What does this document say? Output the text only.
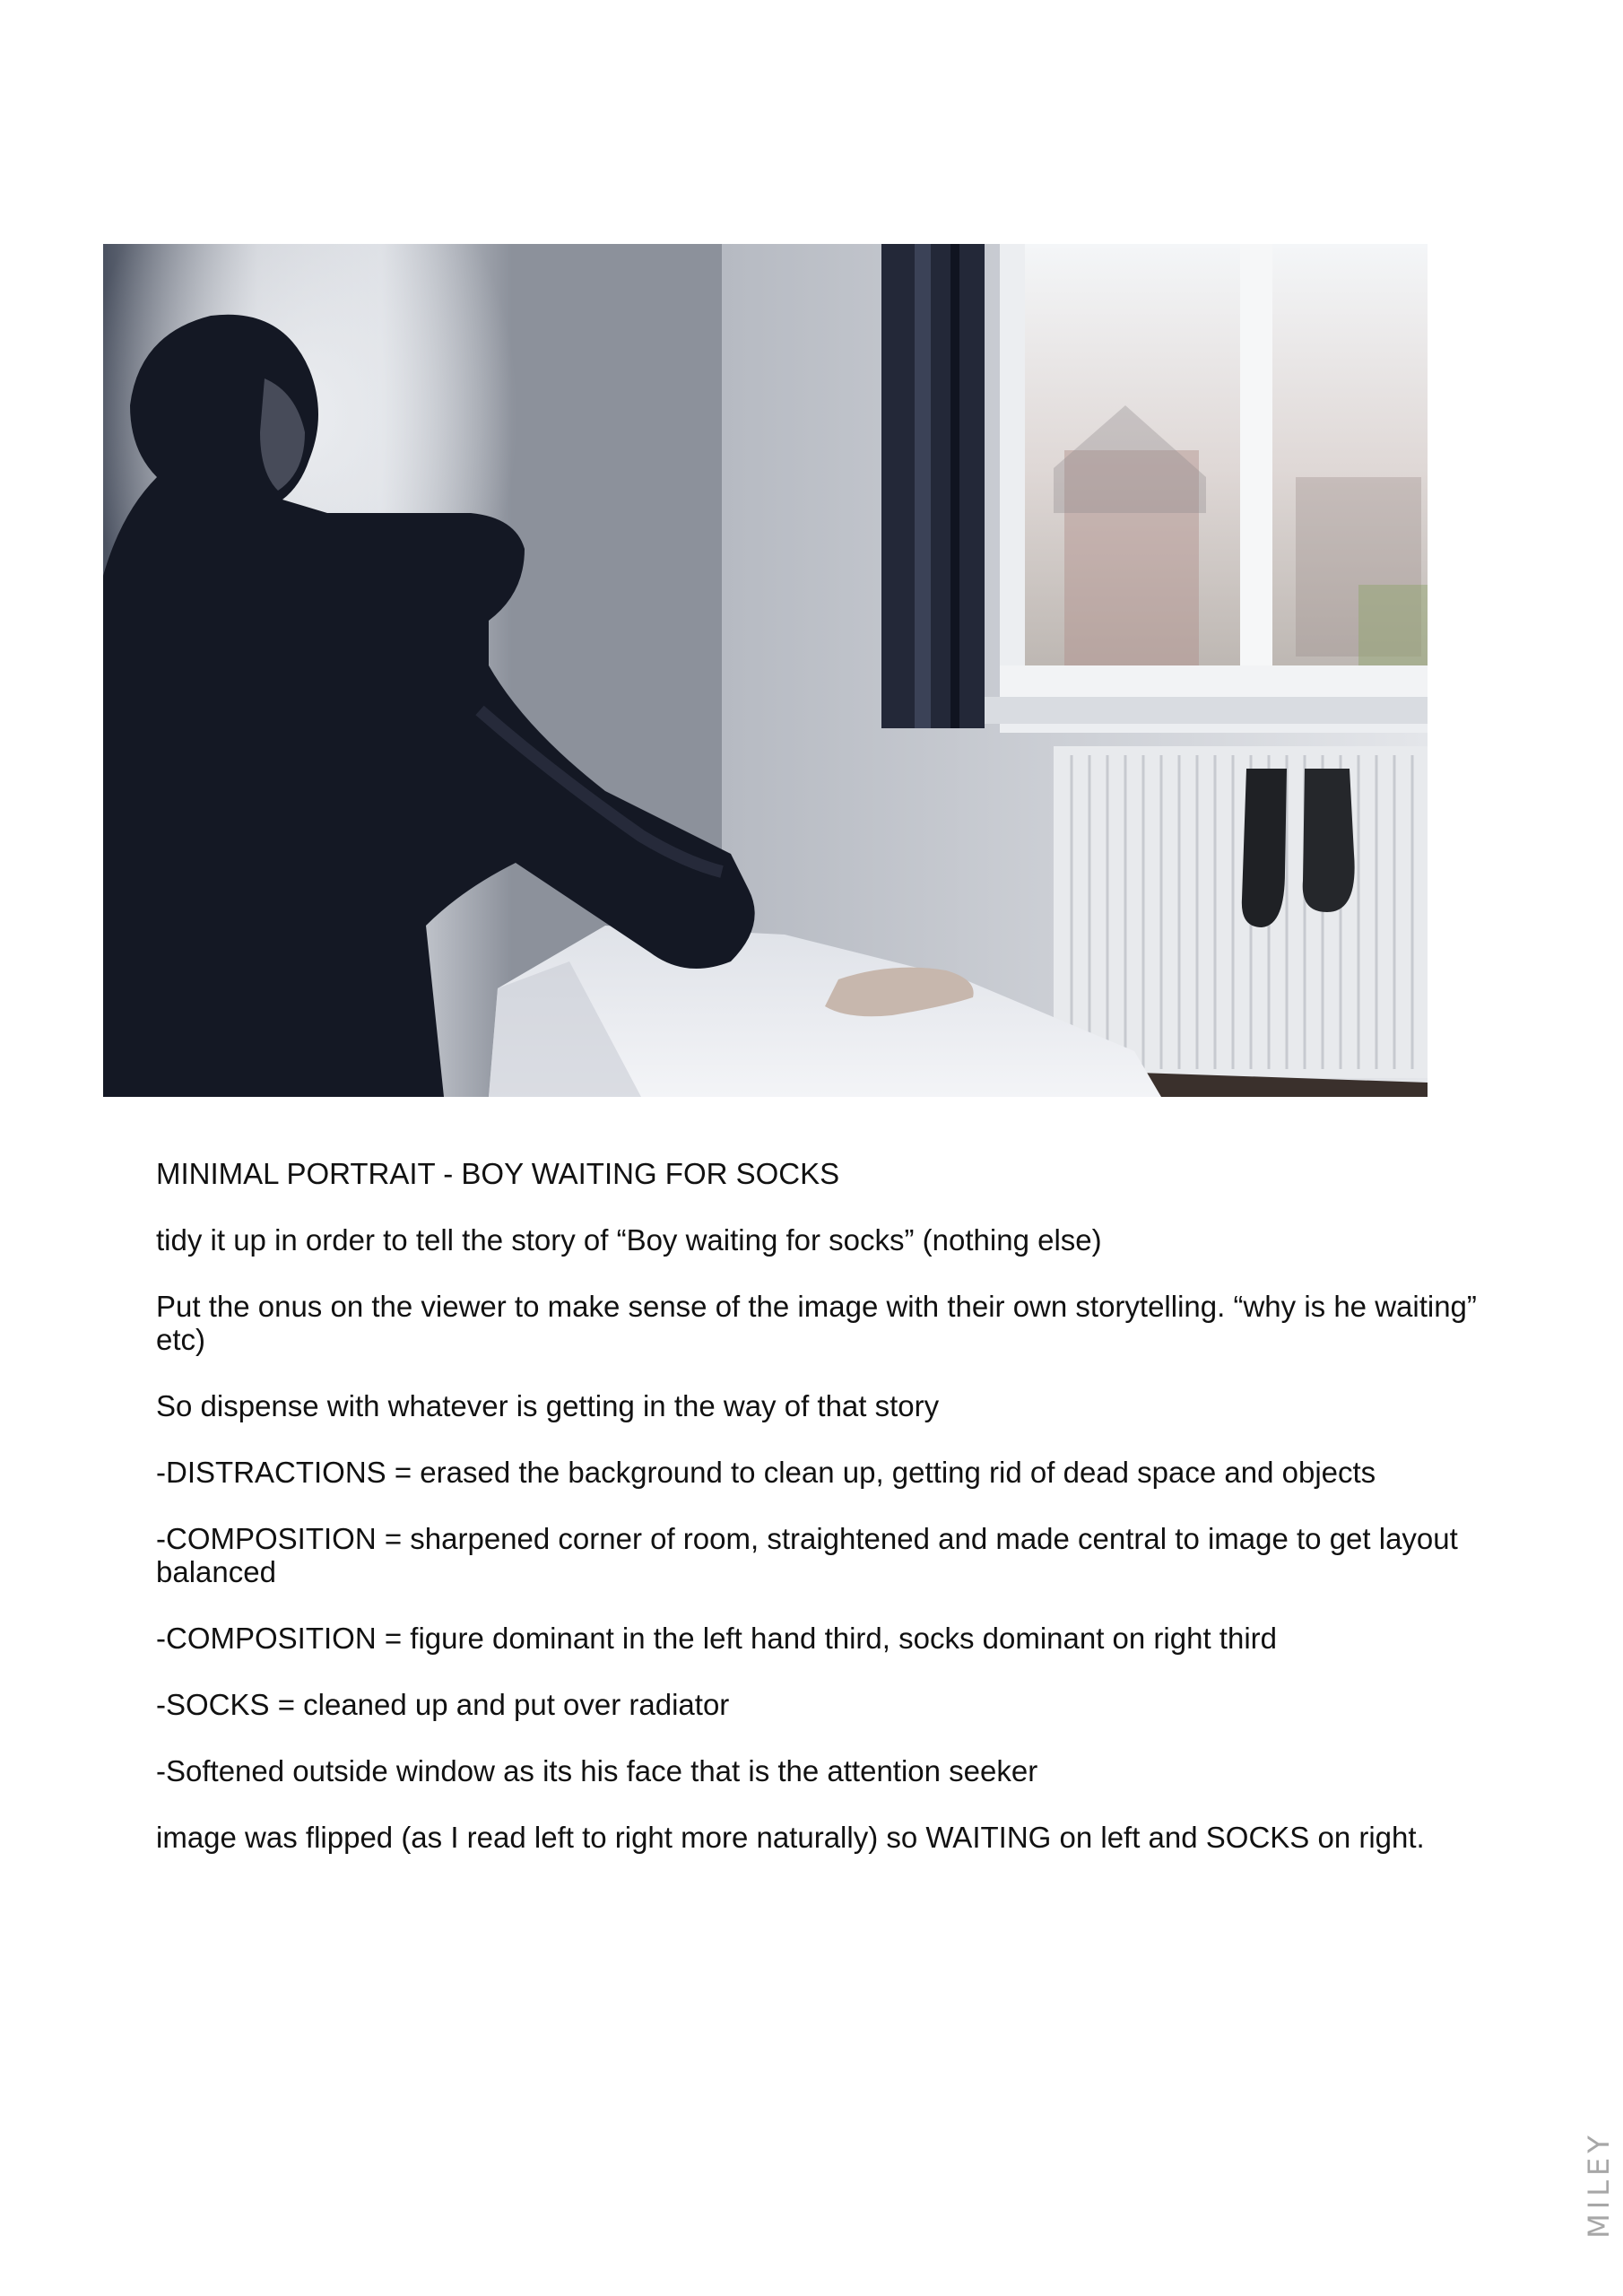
MINIMAL PORTRAIT - BOY WAITING FOR SOCKS

tidy it up in order to tell the story of “Boy waiting for socks” (nothing else)

Put the onus on the viewer to make sense of the image with their own storytelling. “why is he waiting” etc)

So dispense with whatever is getting in the way of that story

-DISTRACTIONS = erased the background to clean up, getting rid of dead space and objects

-COMPOSITION = sharpened corner of room, straightened and made central to image to get layout balanced

-COMPOSITION = figure dominant in the left hand third, socks dominant on right third

-SOCKS = cleaned up and put over radiator

-Softened outside window as its his face that is the attention seeker

image was flipped (as I read left to right more naturally) so WAITING on left and SOCKS on right.

MILEY
